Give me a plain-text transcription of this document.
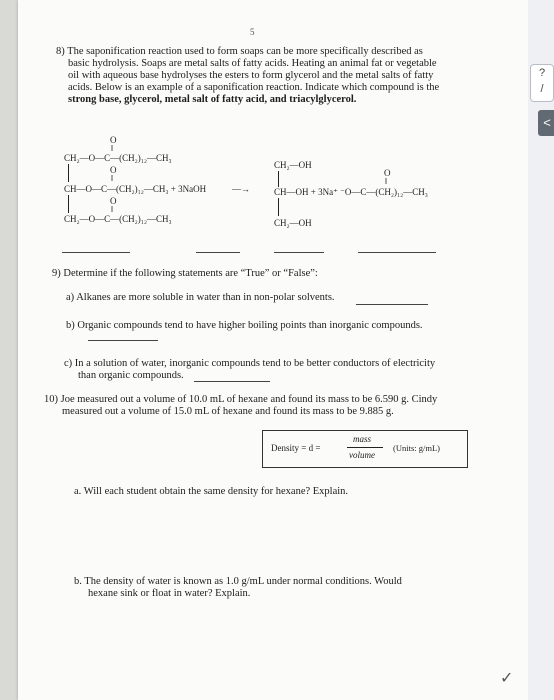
5
8) The saponification reaction used to form soaps can be more specifically described as
basic hydrolysis. Soaps are metal salts of fatty acids. Heating an animal fat or vegetable
oil with aqueous base hydrolyses the esters to form glycerol and the metal salts of fatty
acids. Below is an example of a saponification reaction. Indicate which compound is the
strong base, glycerol, metal salt of fatty acid, and triacylglycerol.
O
‖
CH₂—O—C—(CH₂)₁₂—CH₃
O
‖
CH—O—C—(CH₂)₁₂—CH₃ + 3NaOH
O
‖
CH₂—O—C—(CH₂)₁₂—CH₃
—→
CH₂—OH
O
‖
CH—OH + 3Na⁺ ⁻O—C—(CH₂)₁₂—CH₃
CH₂—OH
9) Determine if the following statements are “True” or “False”:
a) Alkanes are more soluble in water than in non-polar solvents.
b) Organic compounds tend to have higher boiling points than inorganic compounds.
c) In a solution of water, inorganic compounds tend to be better conductors of electricity
than organic compounds.
10) Joe measured out a volume of 10.0 mL of hexane and found its mass to be 6.590 g. Cindy
measured out a volume of 15.0 mL of hexane and found its mass to be 9.885 g.
Density = d =
mass
volume
(Units: g/mL)
a. Will each student obtain the same density for hexane? Explain.
b. The density of water is known as 1.0 g/mL under normal conditions. Would
hexane sink or float in water? Explain.
?
/
<
✓
